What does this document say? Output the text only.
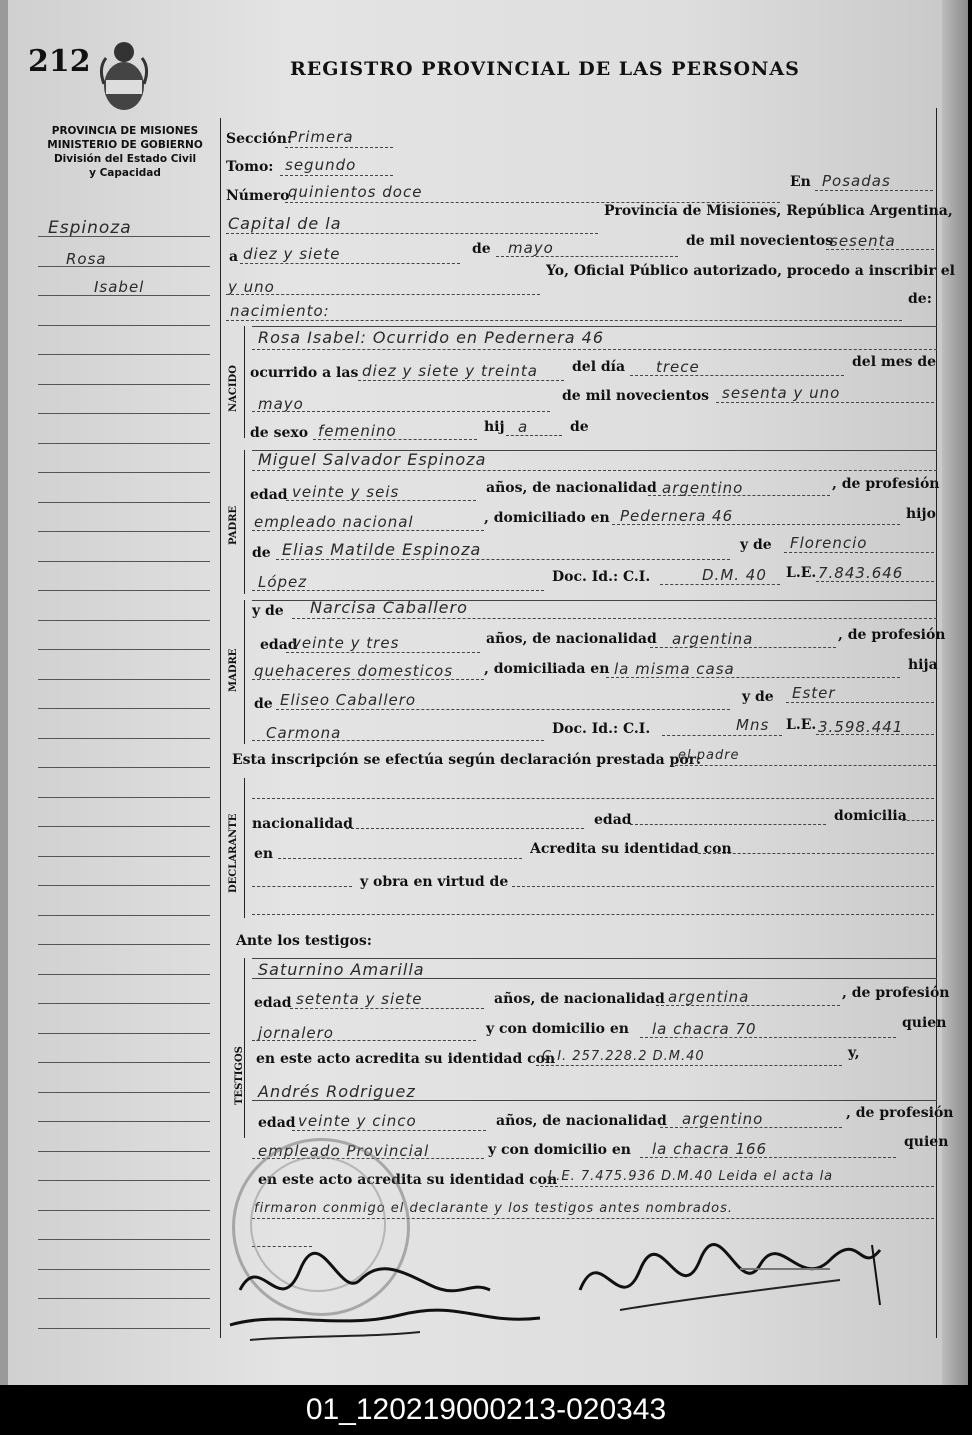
212	REGISTRO PROVINCIAL DE LAS PERSONAS
PROVINCIA DE MISIONES
MINISTERIO DE GOBIERNO
División del Estado Civil
y Capacidad
Espinoza
Rosa
Isabel
NACIDO
PADRE
MADRE
DECLARANTE
TESTIGOS
Sección:
Primera
Tomo: segundo
Número
quinientos doce
En Posadas
Capital de la
Provincia de Misiones, República Argentina,
a diez y siete	de mayo	de mil novecientos
sesenta
y uno
Yo, Oficial Público autorizado, procedo a inscribir el
nacimiento:
de:
Rosa Isabel: Ocurrido en Pedernera 46
ocurrido a las diez y siete y treinta del día trece	del mes de
mayo	de mil novecientos sesenta y uno
de sexo femenino	hij a	de
Miguel Salvador Espinoza
edad veinte y seis	años, de nacionalidad argentino	, de profesión
empleado nacional	, domiciliado en Pedernera 46	hijo
de Elias Matilde Espinoza	y de Florencio
López	Doc. Id.: C.I.	D.M. 40 L.E. 7.843.646
y de Narcisa Caballero
edad
veinte y tres	años, de nacionalidad argentina	, de profesión
quehaceres domesticos , domiciliada en la misma casa	hija
de Eliseo Caballero	y de Ester
Carmona	Doc. Id.: C.I.	Mns L.E. 3.598.441
Esta inscripción se efectúa según declaración prestada por:
el padre
nacionalidad	edad	domicilia
en	Acredita su identidad con
y obra en virtud de
Ante los testigos:
Saturnino Amarilla
edad setenta y siete	años, de nacionalidad argentina	, de profesión
jornalero	y con domicilio en la chacra 70	quien
en este acto acredita su identidad con
C.I. 257.228.2 D.M.40	y,
Andrés Rodriguez
edad veinte y cinco	años, de nacionalidad argentino	, de profesión
empleado Provincial	y con domicilio en la chacra 166	quien
en este acto acredita su identidad con
L.E. 7.475.936 D.M.40 Leida el acta la
firmaron conmigo el declarante y los testigos antes nombrados.
01_120219000213-020343
